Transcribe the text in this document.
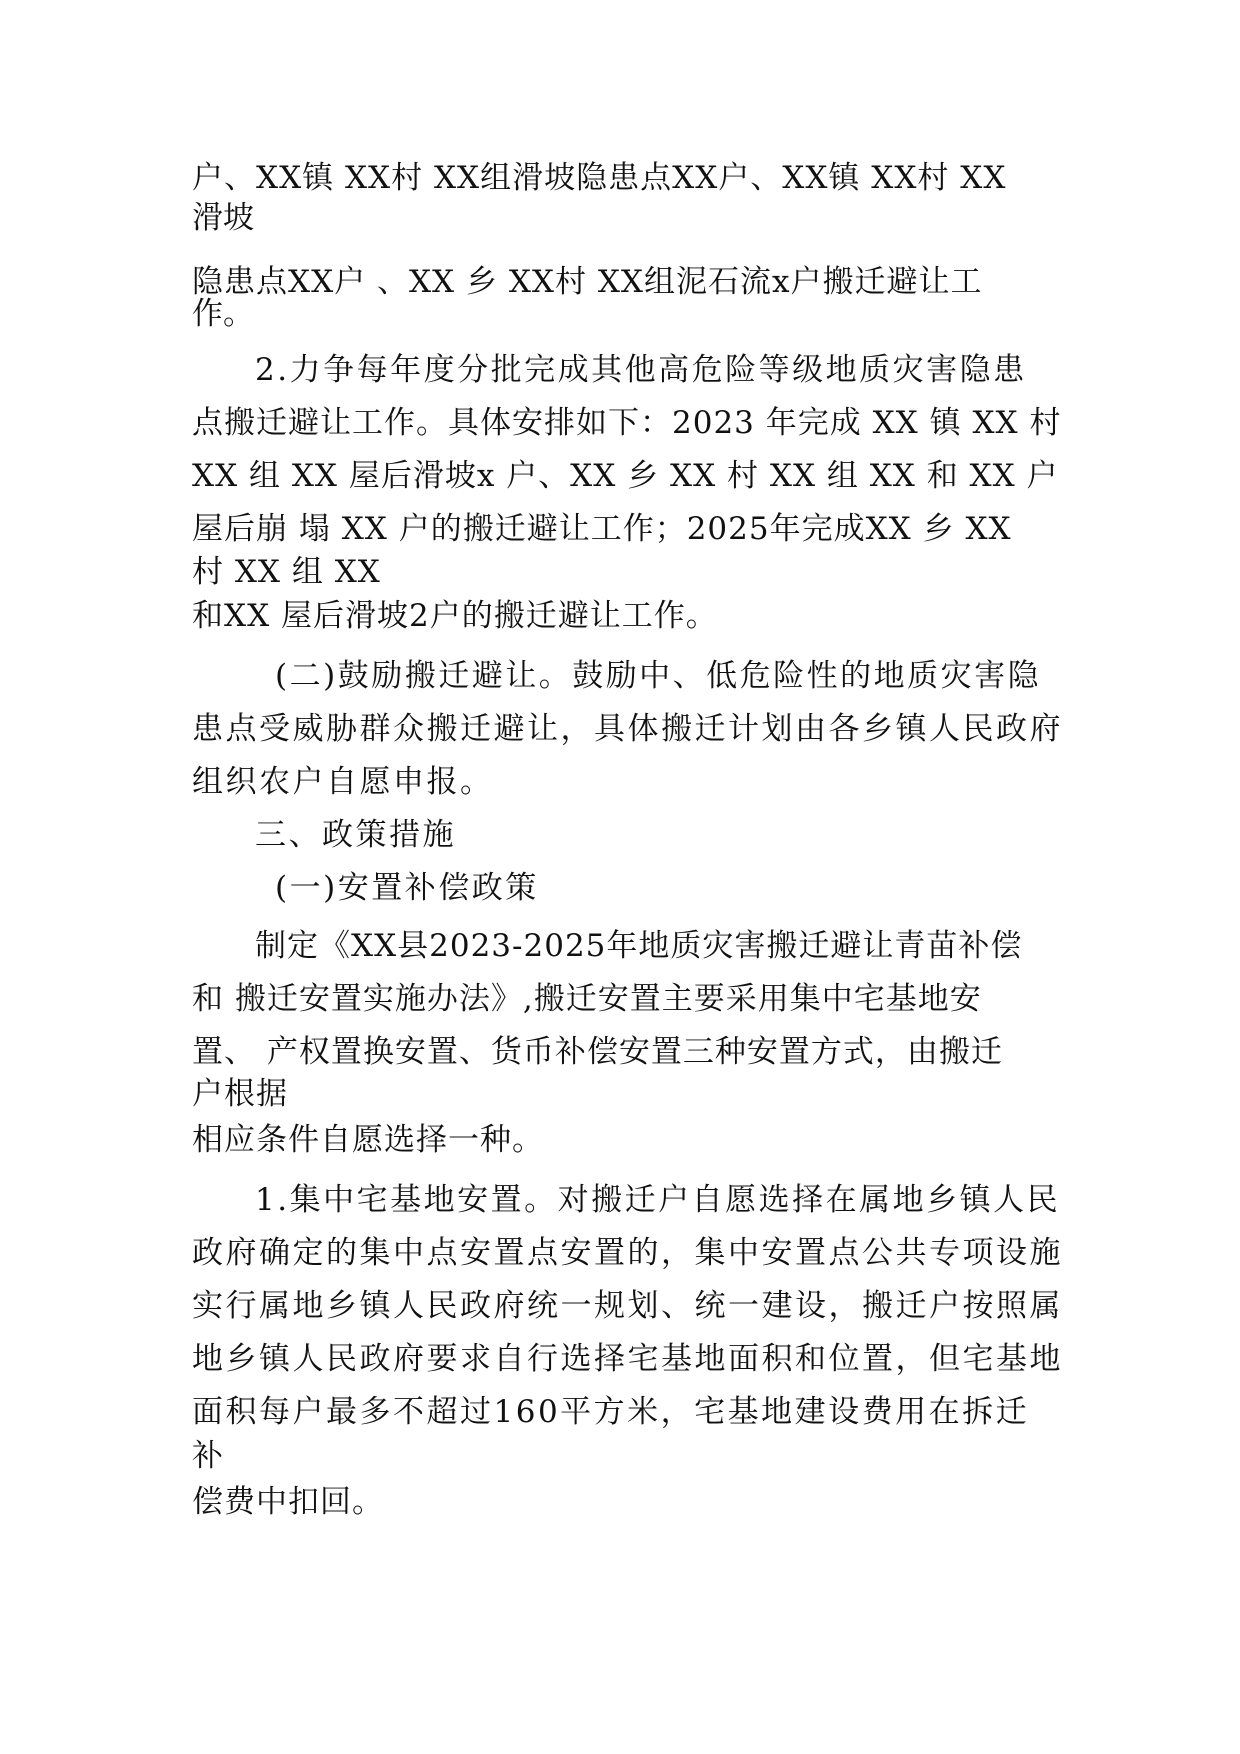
户、XX镇 XX村 XX组滑坡隐患点XX户、XX镇 XX村 XX

滑坡

隐患点XX户 、XX 乡 XX村 XX组泥石流x户搬迁避让工

作。

2.力争每年度分批完成其他高危险等级地质灾害隐患

点搬迁避让工作。具体安排如下：2023 年完成 XX 镇 XX 村

XX 组 XX 屋后滑坡x 户、XX 乡 XX 村 XX 组 XX 和 XX 户

屋后崩 塌 XX 户的搬迁避让工作；2025年完成XX 乡 XX

村 XX 组 XX

和XX 屋后滑坡2户的搬迁避让工作。

(二)鼓励搬迁避让。鼓励中、低危险性的地质灾害隐

患点受威胁群众搬迁避让，具体搬迁计划由各乡镇人民政府

组织农户自愿申报。

三、政策措施

(一)安置补偿政策

制定《XX县2023-2025年地质灾害搬迁避让青苗补偿

和 搬迁安置实施办法》,搬迁安置主要采用集中宅基地安

置、 产权置换安置、货币补偿安置三种安置方式，由搬迁

户根据

相应条件自愿选择一种。

1.集中宅基地安置。对搬迁户自愿选择在属地乡镇人民

政府确定的集中点安置点安置的，集中安置点公共专项设施

实行属地乡镇人民政府统一规划、统一建设，搬迁户按照属

地乡镇人民政府要求自行选择宅基地面积和位置，但宅基地

面积每户最多不超过160平方米，宅基地建设费用在拆迁

补

偿费中扣回。
